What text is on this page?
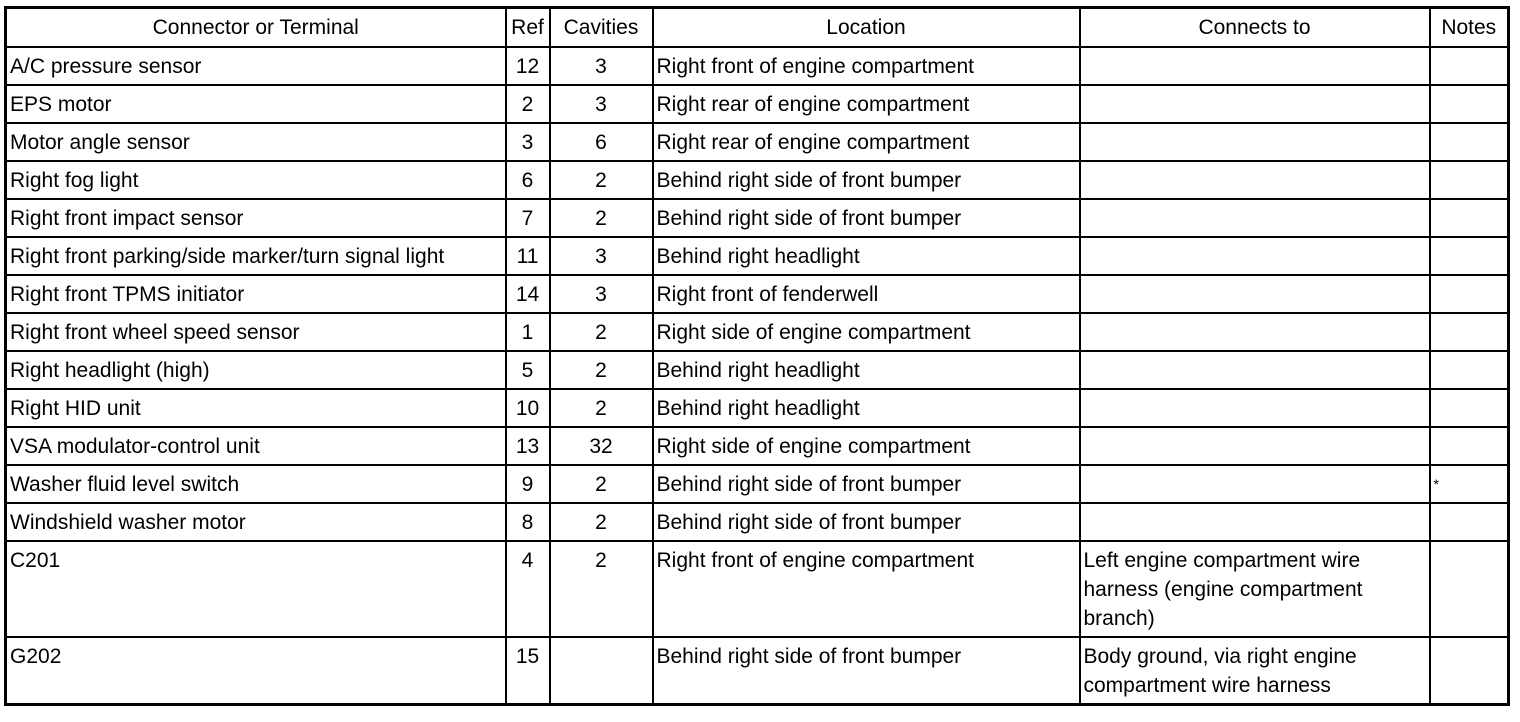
Connector or Terminal	Ref	Cavities	Location	Connects to	Notes
A/C pressure sensor	12	3	Right front of engine compartment		
EPS motor	2	3	Right rear of engine compartment		
Motor angle sensor	3	6	Right rear of engine compartment		
Right fog light	6	2	Behind right side of front bumper		
Right front impact sensor	7	2	Behind right side of front bumper		
Right front parking/side marker/turn signal light	11	3	Behind right headlight		
Right front TPMS initiator	14	3	Right front of fenderwell		
Right front wheel speed sensor	1	2	Right side of engine compartment		
Right headlight (high)	5	2	Behind right headlight		
Right HID unit	10	2	Behind right headlight		
VSA modulator-control unit	13	32	Right side of engine compartment		
Washer fluid level switch	9	2	Behind right side of front bumper		*
Windshield washer motor	8	2	Behind right side of front bumper		
C201	4	2	Right front of engine compartment	Left engine compartment wire harness (engine compartment branch)	
G202	15		Behind right side of front bumper	Body ground, via right engine compartment wire harness	
